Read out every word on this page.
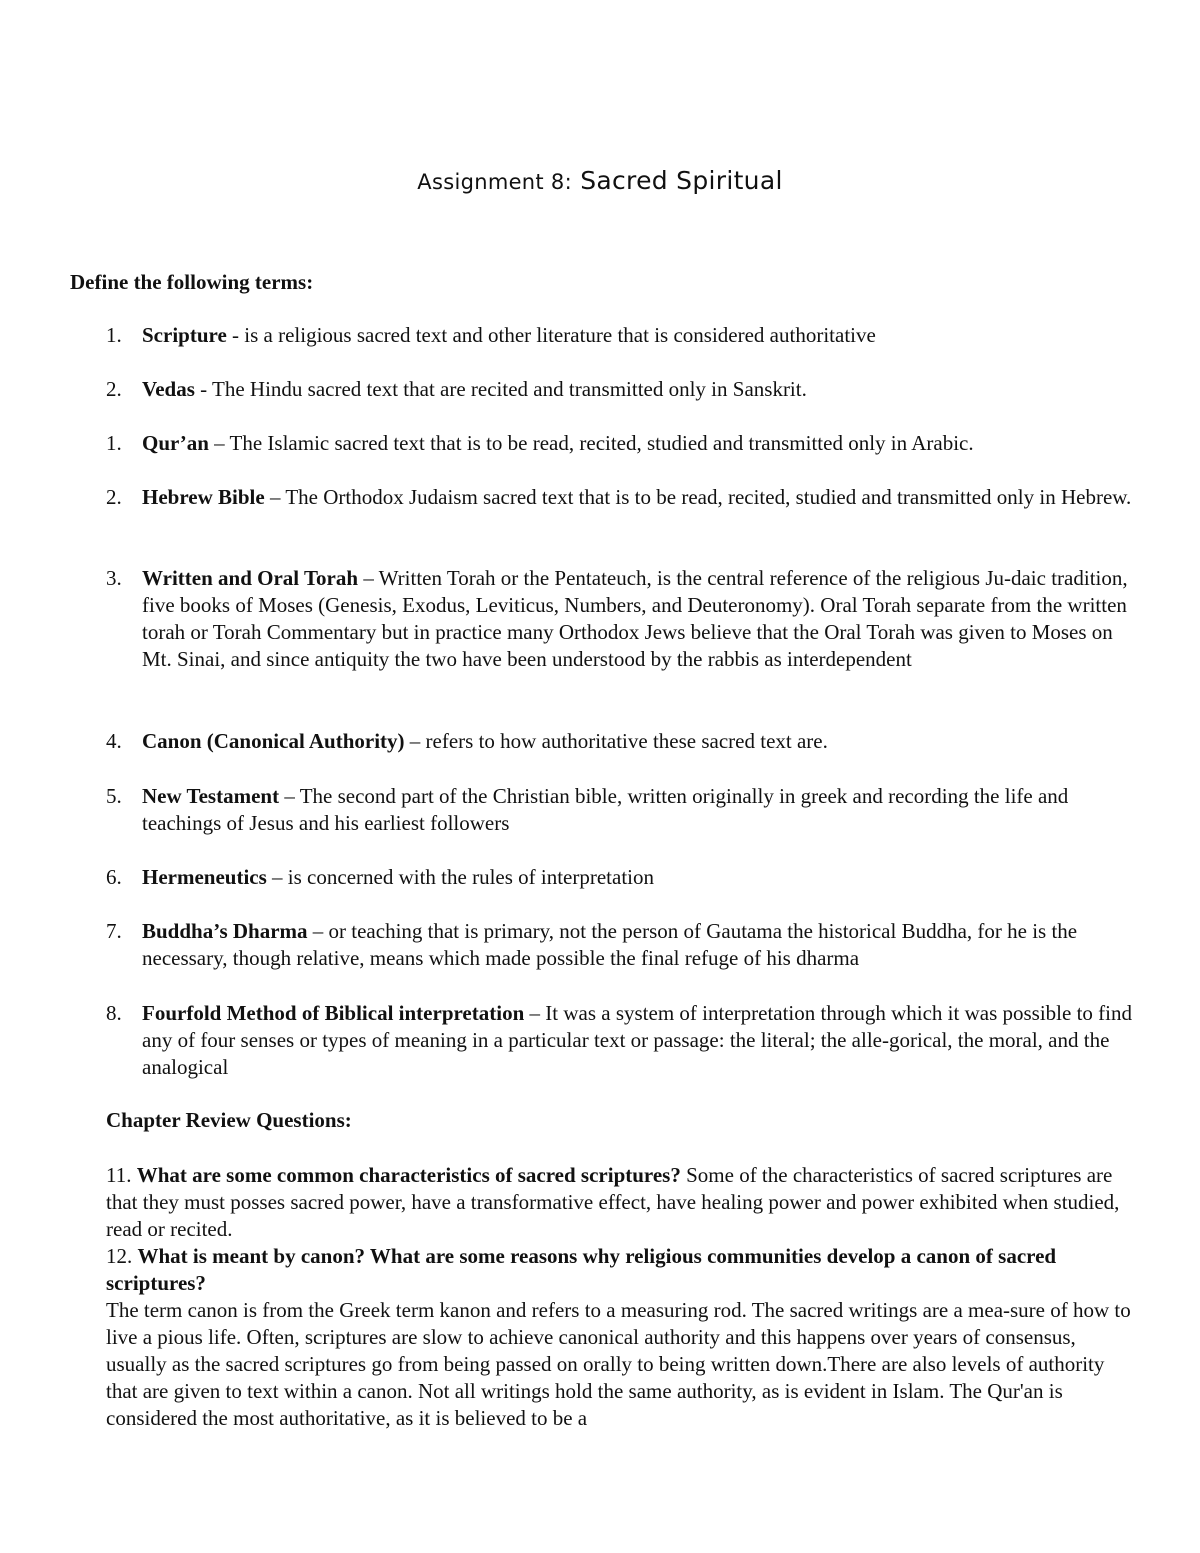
Assignment 8: Sacred Spiritual
Define the following terms:
1. Scripture - is a religious sacred text and other literature that is considered authoritative
2. Vedas - The Hindu sacred text that are recited and transmitted only in Sanskrit.
1. Qur’an – The Islamic sacred text that is to be read, recited, studied and transmitted only in Arabic.
2. Hebrew Bible – The Orthodox Judaism sacred text that is to be read, recited, studied and transmitted only in Hebrew.
3. Written and Oral Torah – Written Torah or the Pentateuch, is the central reference of the religious Ju-daic tradition, five books of Moses (Genesis, Exodus, Leviticus, Numbers, and Deuteronomy). Oral Torah separate from the written torah or Torah Commentary but in practice many Orthodox Jews believe that the Oral Torah was given to Moses on Mt. Sinai, and since antiquity the two have been understood by the rabbis as interdependent
4. Canon (Canonical Authority) – refers to how authoritative these sacred text are.
5. New Testament – The second part of the Christian bible, written originally in greek and recording the life and teachings of Jesus and his earliest followers
6. Hermeneutics – is concerned with the rules of interpretation
7. Buddha’s Dharma – or teaching that is primary, not the person of Gautama the historical Buddha, for he is the necessary, though relative, means which made possible the final refuge of his dharma
8. Fourfold Method of Biblical interpretation – It was a system of interpretation through which it was possible to find any of four senses or types of meaning in a particular text or passage: the literal; the alle-gorical, the moral, and the analogical
Chapter Review Questions:

11. What are some common characteristics of sacred scriptures? Some of the characteristics of sacred scriptures are that they must posses sacred power, have a transformative effect, have healing power and power exhibited when studied, read or recited.

12. What is meant by canon? What are some reasons why religious communities develop a canon of sacred scriptures?

The term canon is from the Greek term kanon and refers to a measuring rod. The sacred writings are a mea-sure of how to live a pious life. Often, scriptures are slow to achieve canonical authority and this happens over years of consensus, usually as the sacred scriptures go from being passed on orally to being written down.There are also levels of authority that are given to text within a canon. Not all writings hold the same authority, as is evident in Islam. The Qur'an is considered the most authoritative, as it is believed to be a
